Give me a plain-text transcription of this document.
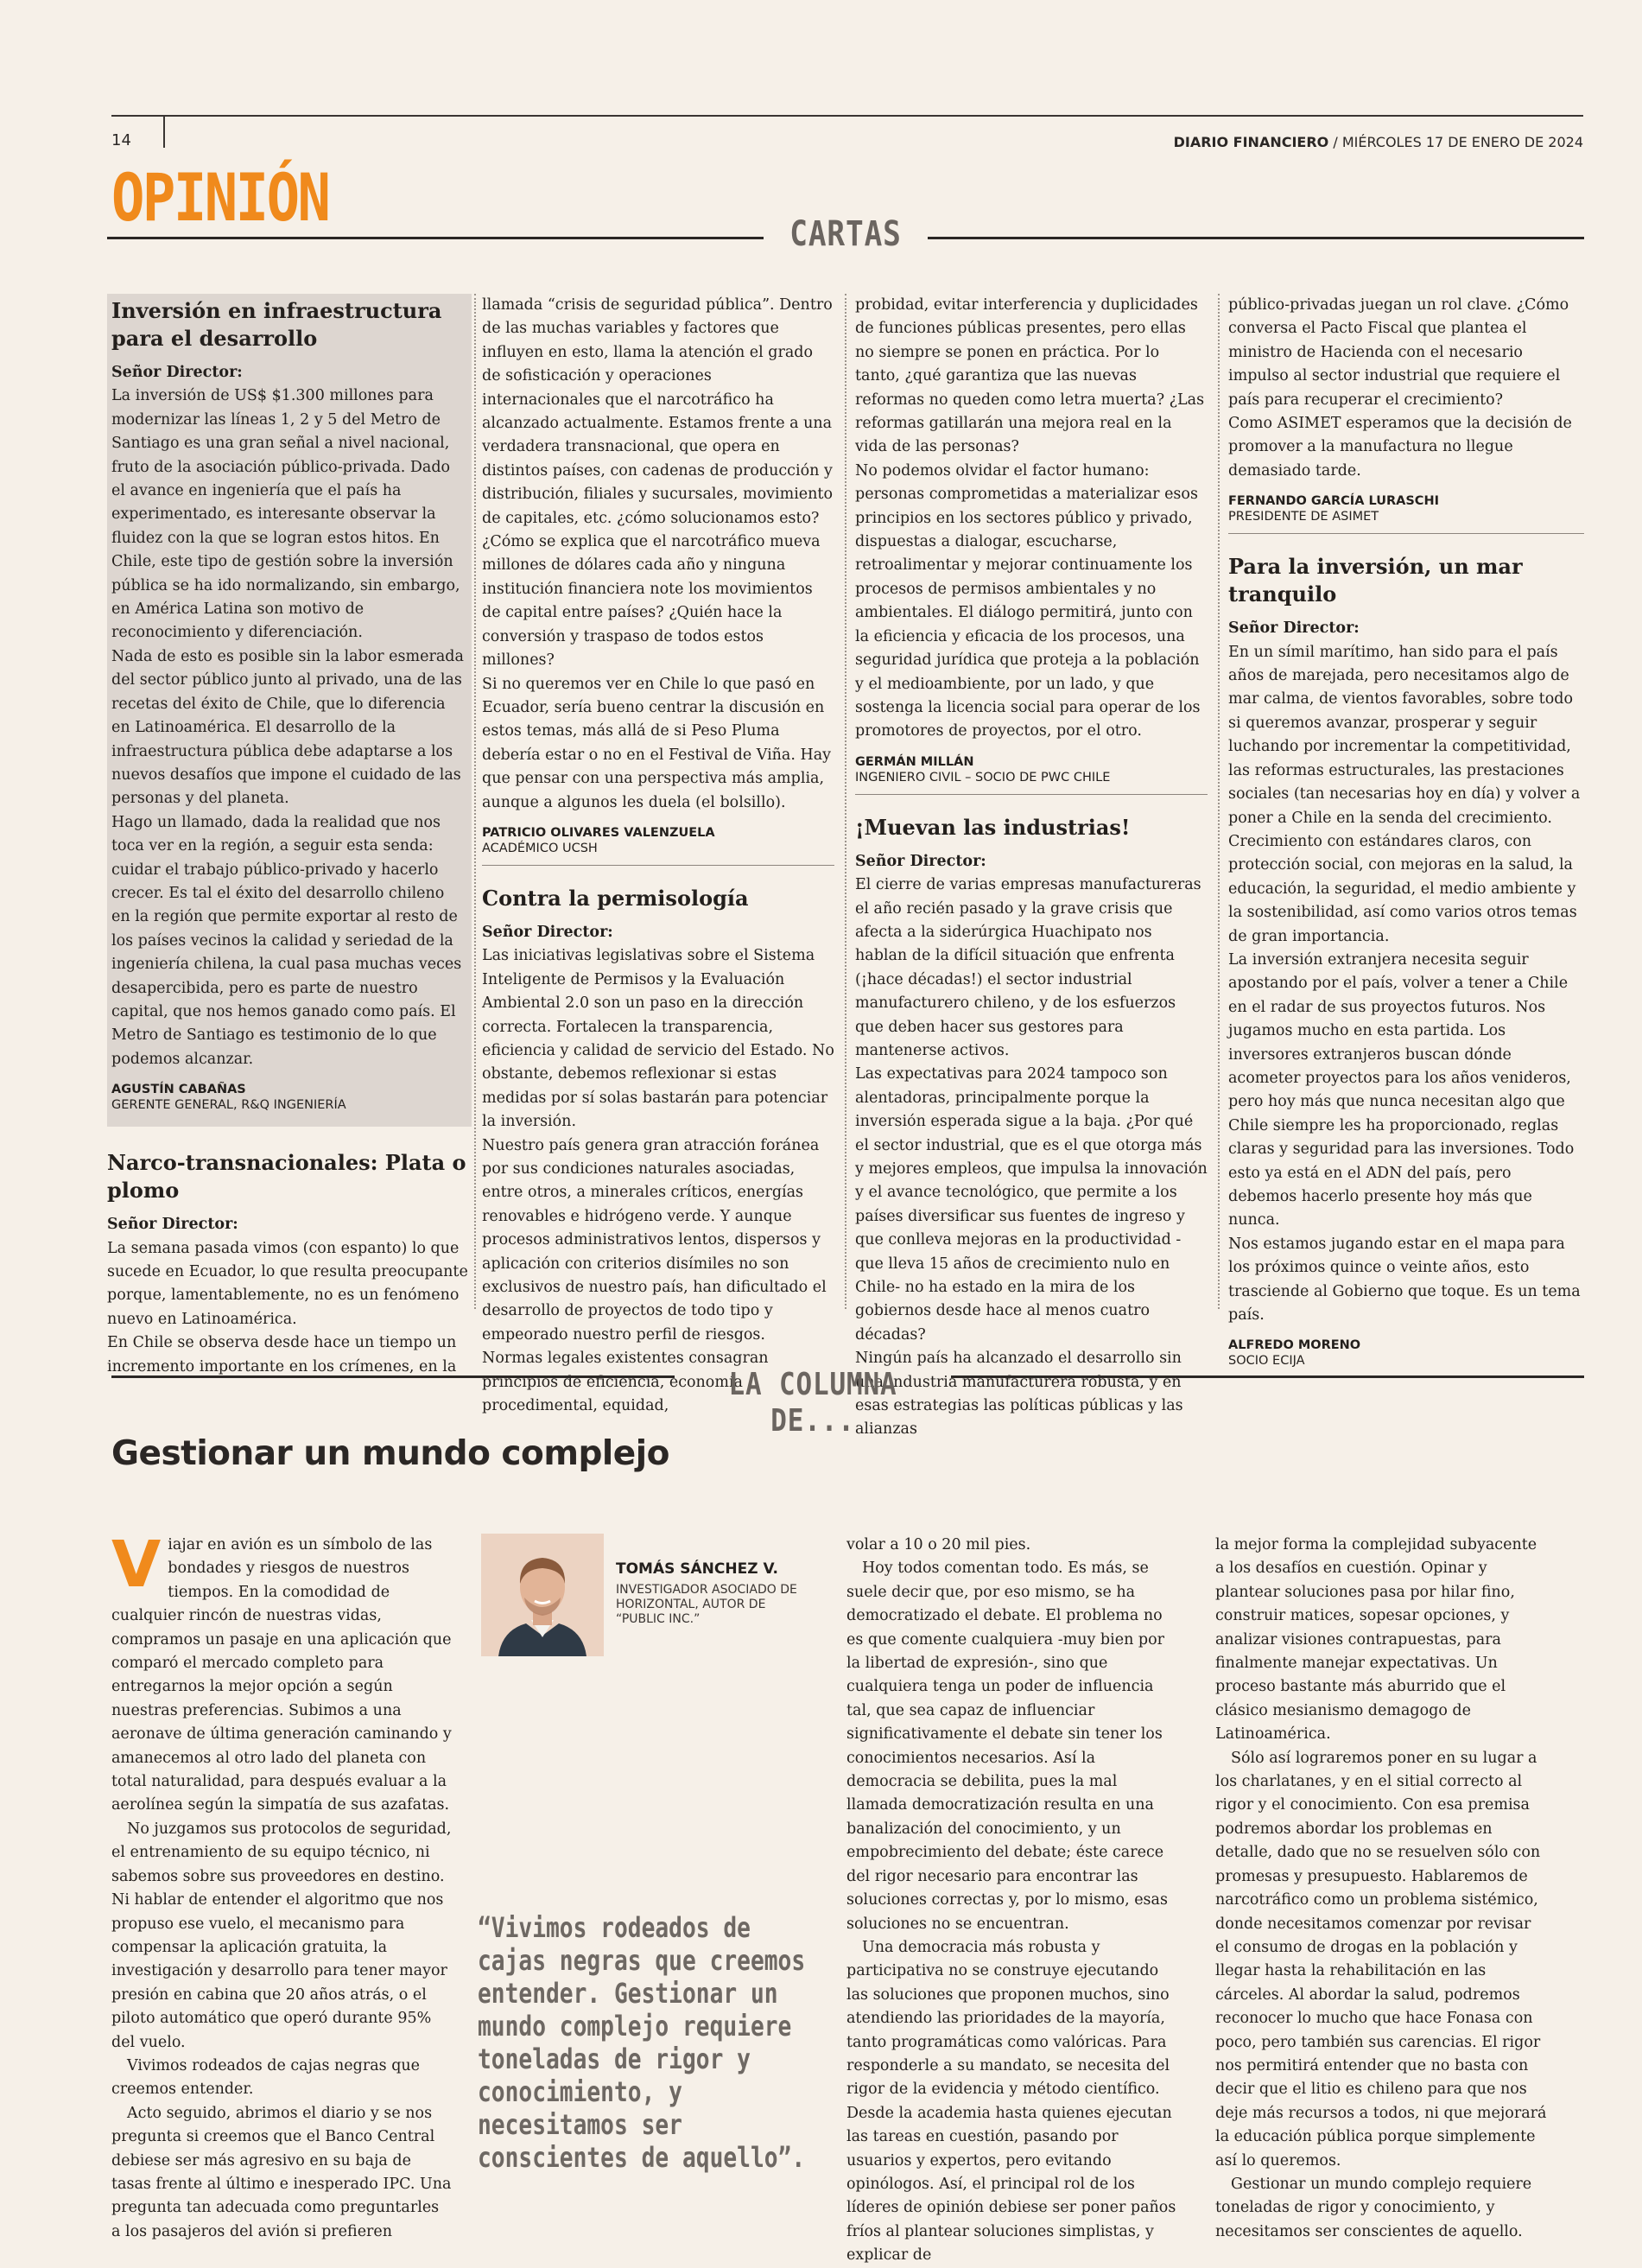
14	DIARIO FINANCIERO / MIÉRCOLES 17 DE ENERO DE 2024
OPINIÓN	CARTAS
Inversión en infraestructura para el desarrollo

Señor Director:

La inversión de US$ $1.300 millones para modernizar las líneas 1, 2 y 5 del Metro de Santiago es una gran señal a nivel nacional, fruto de la asociación público-privada. Dado el avance en ingeniería que el país ha experimentado, es interesante observar la fluidez con la que se logran estos hitos. En Chile, este tipo de gestión sobre la inversión pública se ha ido normalizando, sin embargo, en América Latina son motivo de reconocimiento y diferenciación.

Nada de esto es posible sin la labor esmerada del sector público junto al privado, una de las recetas del éxito de Chile, que lo diferencia en Latinoamérica. El desarrollo de la infraestructura pública debe adaptarse a los nuevos desafíos que impone el cuidado de las personas y del planeta.

Hago un llamado, dada la realidad que nos toca ver en la región, a seguir esta senda: cuidar el trabajo público-privado y hacerlo crecer. Es tal el éxito del desarrollo chileno en la región que permite exportar al resto de los países vecinos la calidad y seriedad de la ingeniería chilena, la cual pasa muchas veces desapercibida, pero es parte de nuestro capital, que nos hemos ganado como país. El Metro de Santiago es testimonio de lo que podemos alcanzar.

AGUSTÍN CABAÑAS
GERENTE GENERAL, R&Q INGENIERÍA
Narco-transnacionales: Plata o plomo

Señor Director:

La semana pasada vimos (con espanto) lo que sucede en Ecuador, lo que resulta preocupante porque, lamentablemente, no es un fenómeno nuevo en Latinoamérica.

En Chile se observa desde hace un tiempo un incremento importante en los crímenes, en la

llamada “crisis de seguridad pública”. Dentro de las muchas variables y factores que influyen en esto, llama la atención el grado de sofisticación y operaciones internacionales que el narcotráfico ha alcanzado actualmente. Estamos frente a una verdadera transnacional, que opera en distintos países, con cadenas de producción y distribución, filiales y sucursales, movimiento de capitales, etc. ¿cómo solucionamos esto?

¿Cómo se explica que el narcotráfico mueva millones de dólares cada año y ninguna institución financiera note los movimientos de capital entre países? ¿Quién hace la conversión y traspaso de todos estos millones?

Si no queremos ver en Chile lo que pasó en Ecuador, sería bueno centrar la discusión en estos temas, más allá de si Peso Pluma debería estar o no en el Festival de Viña. Hay que pensar con una perspectiva más amplia, aunque a algunos les duela (el bolsillo).

PATRICIO OLIVARES VALENZUELA
ACADÉMICO UCSH
Contra la permisología

Señor Director:

Las iniciativas legislativas sobre el Sistema Inteligente de Permisos y la Evaluación Ambiental 2.0 son un paso en la dirección correcta. Fortalecen la transparencia, eficiencia y calidad de servicio del Estado. No obstante, debemos reflexionar si estas medidas por sí solas bastarán para potenciar la inversión.

Nuestro país genera gran atracción foránea por sus condiciones naturales asociadas, entre otros, a minerales críticos, energías renovables e hidrógeno verde. Y aunque procesos administrativos lentos, dispersos y aplicación con criterios disímiles no son exclusivos de nuestro país, han dificultado el desarrollo de proyectos de todo tipo y empeorado nuestro perfil de riesgos.

Normas legales existentes consagran principios de eficiencia, economía procedimental, equidad,

probidad, evitar interferencia y duplicidades de funciones públicas presentes, pero ellas no siempre se ponen en práctica. Por lo tanto, ¿qué garantiza que las nuevas reformas no queden como letra muerta? ¿Las reformas gatillarán una mejora real en la vida de las personas?

No podemos olvidar el factor humano: personas comprometidas a materializar esos principios en los sectores público y privado, dispuestas a dialogar, escucharse, retroalimentar y mejorar continuamente los procesos de permisos ambientales y no ambientales. El diálogo permitirá, junto con la eficiencia y eficacia de los procesos, una seguridad jurídica que proteja a la población y el medioambiente, por un lado, y que sostenga la licencia social para operar de los promotores de proyectos, por el otro.

GERMÁN MILLÁN
INGENIERO CIVIL – SOCIO DE PWC CHILE
¡Muevan las industrias!

Señor Director:

El cierre de varias empresas manufactureras el año recién pasado y la grave crisis que afecta a la siderúrgica Huachipato nos hablan de la difícil situación que enfrenta (¡hace décadas!) el sector industrial manufacturero chileno, y de los esfuerzos que deben hacer sus gestores para mantenerse activos.

Las expectativas para 2024 tampoco son alentadoras, principalmente porque la inversión esperada sigue a la baja. ¿Por qué el sector industrial, que es el que otorga más y mejores empleos, que impulsa la innovación y el avance tecnológico, que permite a los países diversificar sus fuentes de ingreso y que conlleva mejoras en la productividad -que lleva 15 años de crecimiento nulo en Chile- no ha estado en la mira de los gobiernos desde hace al menos cuatro décadas?

Ningún país ha alcanzado el desarrollo sin una industria manufacturera robusta, y en esas estrategias las políticas públicas y las alianzas

público-privadas juegan un rol clave. ¿Cómo conversa el Pacto Fiscal que plantea el ministro de Hacienda con el necesario impulso al sector industrial que requiere el país para recuperar el crecimiento?

Como ASIMET esperamos que la decisión de promover a la manufactura no llegue demasiado tarde.

FERNANDO GARCÍA LURASCHI
PRESIDENTE DE ASIMET
Para la inversión, un mar tranquilo

Señor Director:

En un símil marítimo, han sido para el país años de marejada, pero necesitamos algo de mar calma, de vientos favorables, sobre todo si queremos avanzar, prosperar y seguir luchando por incrementar la competitividad, las reformas estructurales, las prestaciones sociales (tan necesarias hoy en día) y volver a poner a Chile en la senda del crecimiento.

Crecimiento con estándares claros, con protección social, con mejoras en la salud, la educación, la seguridad, el medio ambiente y la sostenibilidad, así como varios otros temas de gran importancia.

La inversión extranjera necesita seguir apostando por el país, volver a tener a Chile en el radar de sus proyectos futuros. Nos jugamos mucho en esta partida. Los inversores extranjeros buscan dónde acometer proyectos para los años venideros, pero hoy más que nunca necesitan algo que Chile siempre les ha proporcionado, reglas claras y seguridad para las inversiones. Todo esto ya está en el ADN del país, pero debemos hacerlo presente hoy más que nunca.

Nos estamos jugando estar en el mapa para los próximos quince o veinte años, esto trasciende al Gobierno que toque. Es un tema país.

ALFREDO MORENO
SOCIO ECIJA
LA COLUMNA DE...
Gestionar un mundo complejo

Viajar en avión es un símbolo de las bondades y riesgos de nuestros tiempos. En la comodidad de cualquier rincón de nuestras vidas, compramos un pasaje en una aplicación que comparó el mercado completo para entregarnos la mejor opción a según nuestras preferencias. Subimos a una aeronave de última generación caminando y amanecemos al otro lado del planeta con total naturalidad, para después evaluar a la aerolínea según la simpatía de sus azafatas.

No juzgamos sus protocolos de seguridad, el entrenamiento de su equipo técnico, ni sabemos sobre sus proveedores en destino. Ni hablar de entender el algoritmo que nos propuso ese vuelo, el mecanismo para compensar la aplicación gratuita, la investigación y desarrollo para tener mayor presión en cabina que 20 años atrás, o el piloto automático que operó durante 95% del vuelo.

Vivimos rodeados de cajas negras que creemos entender.

Acto seguido, abrimos el diario y se nos pregunta si creemos que el Banco Central debiese ser más agresivo en su baja de tasas frente al último e inesperado IPC. Una pregunta tan adecuada como preguntarles a los pasajeros del avión si prefieren

TOMÁS SÁNCHEZ V.
INVESTIGADOR ASOCIADO DE HORIZONTAL, AUTOR DE “PUBLIC INC.”
“Vivimos rodeados de cajas negras que creemos entender. Gestionar un mundo complejo requiere toneladas de rigor y conocimiento, y necesitamos ser conscientes de aquello”.

volar a 10 o 20 mil pies.

Hoy todos comentan todo. Es más, se suele decir que, por eso mismo, se ha democratizado el debate. El problema no es que comente cualquiera -muy bien por la libertad de expresión-, sino que cualquiera tenga un poder de influencia tal, que sea capaz de influenciar significativamente el debate sin tener los conocimientos necesarios. Así la democracia se debilita, pues la mal llamada democratización resulta en una banalización del conocimiento, y un empobrecimiento del debate; éste carece del rigor necesario para encontrar las soluciones correctas y, por lo mismo, esas soluciones no se encuentran.

Una democracia más robusta y participativa no se construye ejecutando las soluciones que proponen muchos, sino atendiendo las prioridades de la mayoría, tanto programáticas como valóricas. Para responderle a su mandato, se necesita del rigor de la evidencia y método científico. Desde la academia hasta quienes ejecutan las tareas en cuestión, pasando por usuarios y expertos, pero evitando opinólogos. Así, el principal rol de los líderes de opinión debiese ser poner paños fríos al plantear soluciones simplistas, y explicar de

la mejor forma la complejidad subyacente a los desafíos en cuestión. Opinar y plantear soluciones pasa por hilar fino, construir matices, sopesar opciones, y analizar visiones contrapuestas, para finalmente manejar expectativas. Un proceso bastante más aburrido que el clásico mesianismo demagogo de Latinoamérica.

Sólo así lograremos poner en su lugar a los charlatanes, y en el sitial correcto al rigor y el conocimiento. Con esa premisa podremos abordar los problemas en detalle, dado que no se resuelven sólo con promesas y presupuesto. Hablaremos de narcotráfico como un problema sistémico, donde necesitamos comenzar por revisar el consumo de drogas en la población y llegar hasta la rehabilitación en las cárceles. Al abordar la salud, podremos reconocer lo mucho que hace Fonasa con poco, pero también sus carencias. El rigor nos permitirá entender que no basta con decir que el litio es chileno para que nos deje más recursos a todos, ni que mejorará la educación pública porque simplemente así lo queremos.

Gestionar un mundo complejo requiere toneladas de rigor y conocimiento, y necesitamos ser conscientes de aquello.
